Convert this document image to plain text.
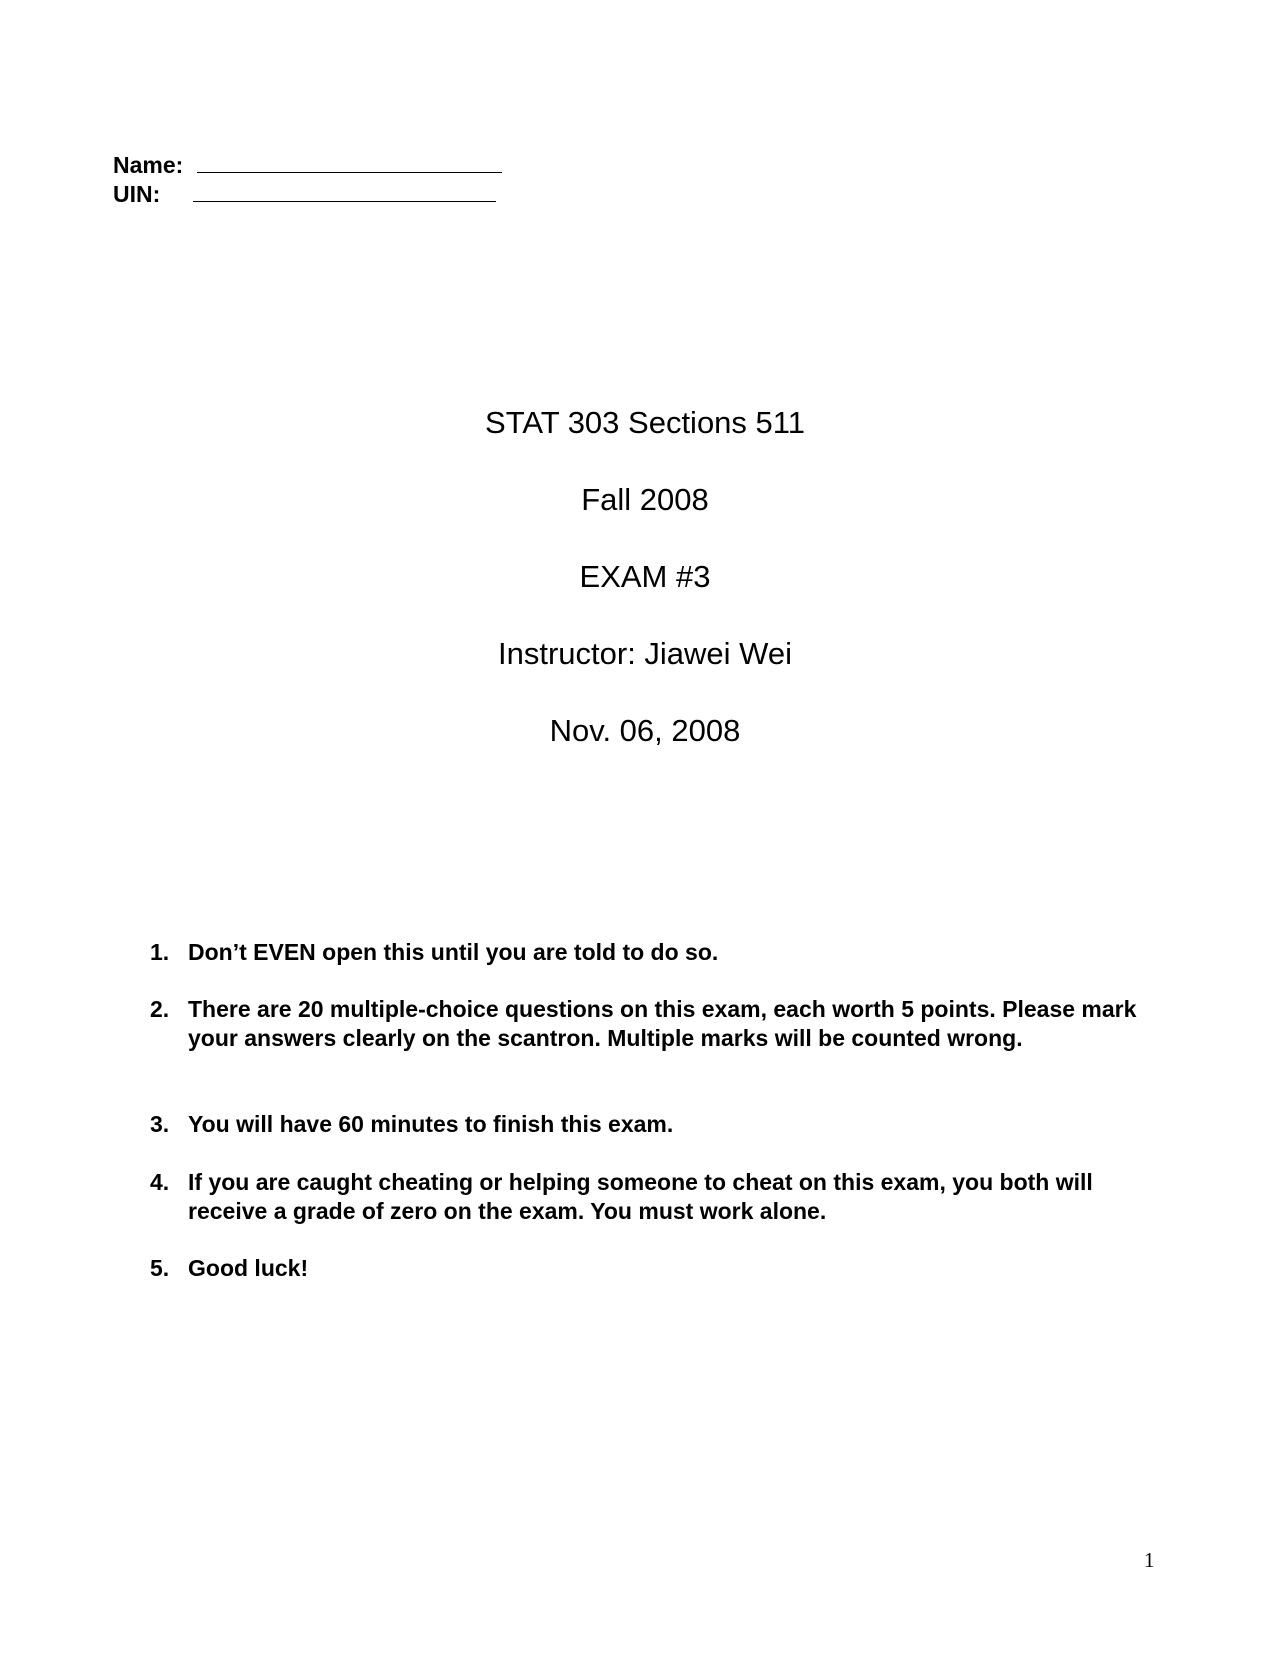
Name:
UIN:
STAT 303 Sections 511
Fall 2008
EXAM #3
Instructor: Jiawei Wei
Nov. 06, 2008
1. Don’t EVEN open this until you are told to do so.
2. There are 20 multiple-choice questions on this exam, each worth 5 points. Please mark your answers clearly on the scantron. Multiple marks will be counted wrong.
3. You will have 60 minutes to finish this exam.
4. If you are caught cheating or helping someone to cheat on this exam, you both will receive a grade of zero on the exam. You must work alone.
5. Good luck!
1
